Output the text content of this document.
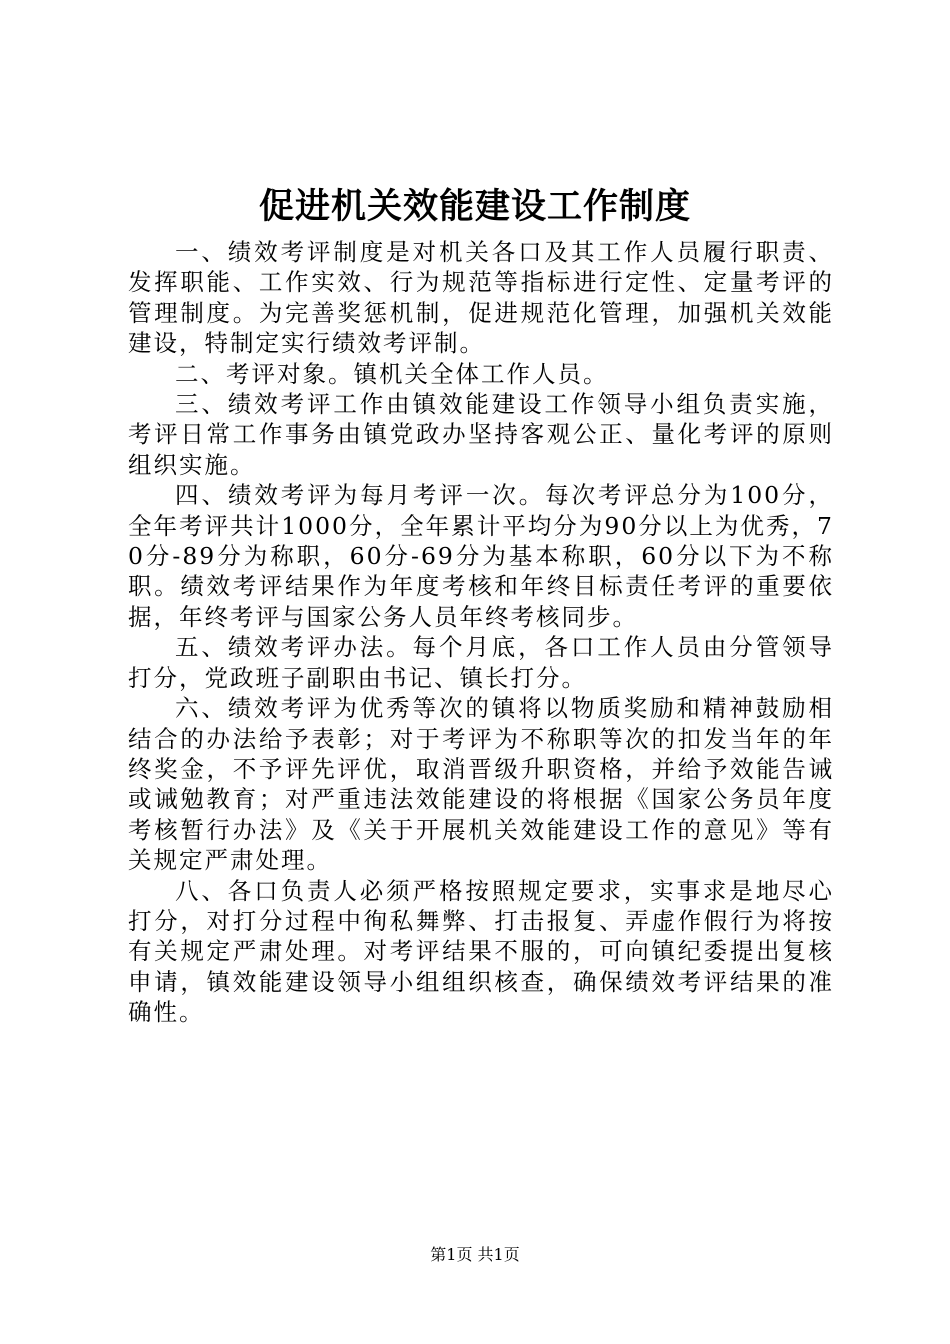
促进机关效能建设工作制度

一、绩效考评制度是对机关各口及其工作人员履行职责、发挥职能、工作实效、行为规范等指标进行定性、定量考评的管理制度。为完善奖惩机制，促进规范化管理，加强机关效能建设，特制定实行绩效考评制。

二、考评对象。镇机关全体工作人员。

三、绩效考评工作由镇效能建设工作领导小组负责实施，考评日常工作事务由镇党政办坚持客观公正、量化考评的原则组织实施。

四、绩效考评为每月考评一次。每次考评总分为100分，全年考评共计1000分，全年累计平均分为90分以上为优秀，70分-89分为称职，60分-69分为基本称职，60分以下为不称职。绩效考评结果作为年度考核和年终目标责任考评的重要依据，年终考评与国家公务人员年终考核同步。

五、绩效考评办法。每个月底，各口工作人员由分管领导打分，党政班子副职由书记、镇长打分。

六、绩效考评为优秀等次的镇将以物质奖励和精神鼓励相结合的办法给予表彰；对于考评为不称职等次的扣发当年的年终奖金，不予评先评优，取消晋级升职资格，并给予效能告诫或诫勉教育；对严重违法效能建设的将根据《国家公务员年度考核暂行办法》及《关于开展机关效能建设工作的意见》等有关规定严肃处理。

八、各口负责人必须严格按照规定要求，实事求是地尽心打分，对打分过程中徇私舞弊、打击报复、弄虚作假行为将按有关规定严肃处理。对考评结果不服的，可向镇纪委提出复核申请，镇效能建设领导小组组织核查，确保绩效考评结果的准确性。

第1页 共1页
